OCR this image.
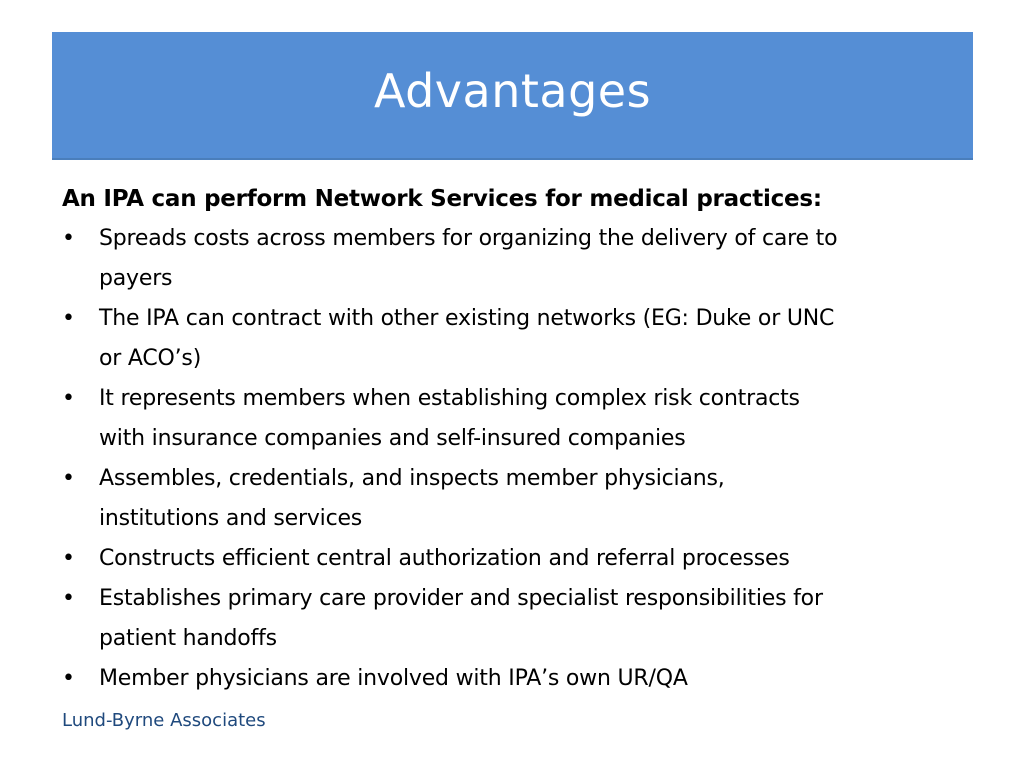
Advantages

An IPA can perform Network Services for medical practices:

• Spreads costs across members for organizing the delivery of care to
payers
• The IPA can contract with other existing networks (EG: Duke or UNC
or ACO’s)
• It represents members when establishing complex risk contracts
with insurance companies and self-insured companies
• Assembles, credentials, and inspects member physicians,
institutions and services
• Constructs efficient central authorization and referral processes
• Establishes primary care provider and specialist responsibilities for
patient handoffs
• Member physicians are involved with IPA’s own UR/QA
Lund-Byrne Associates
